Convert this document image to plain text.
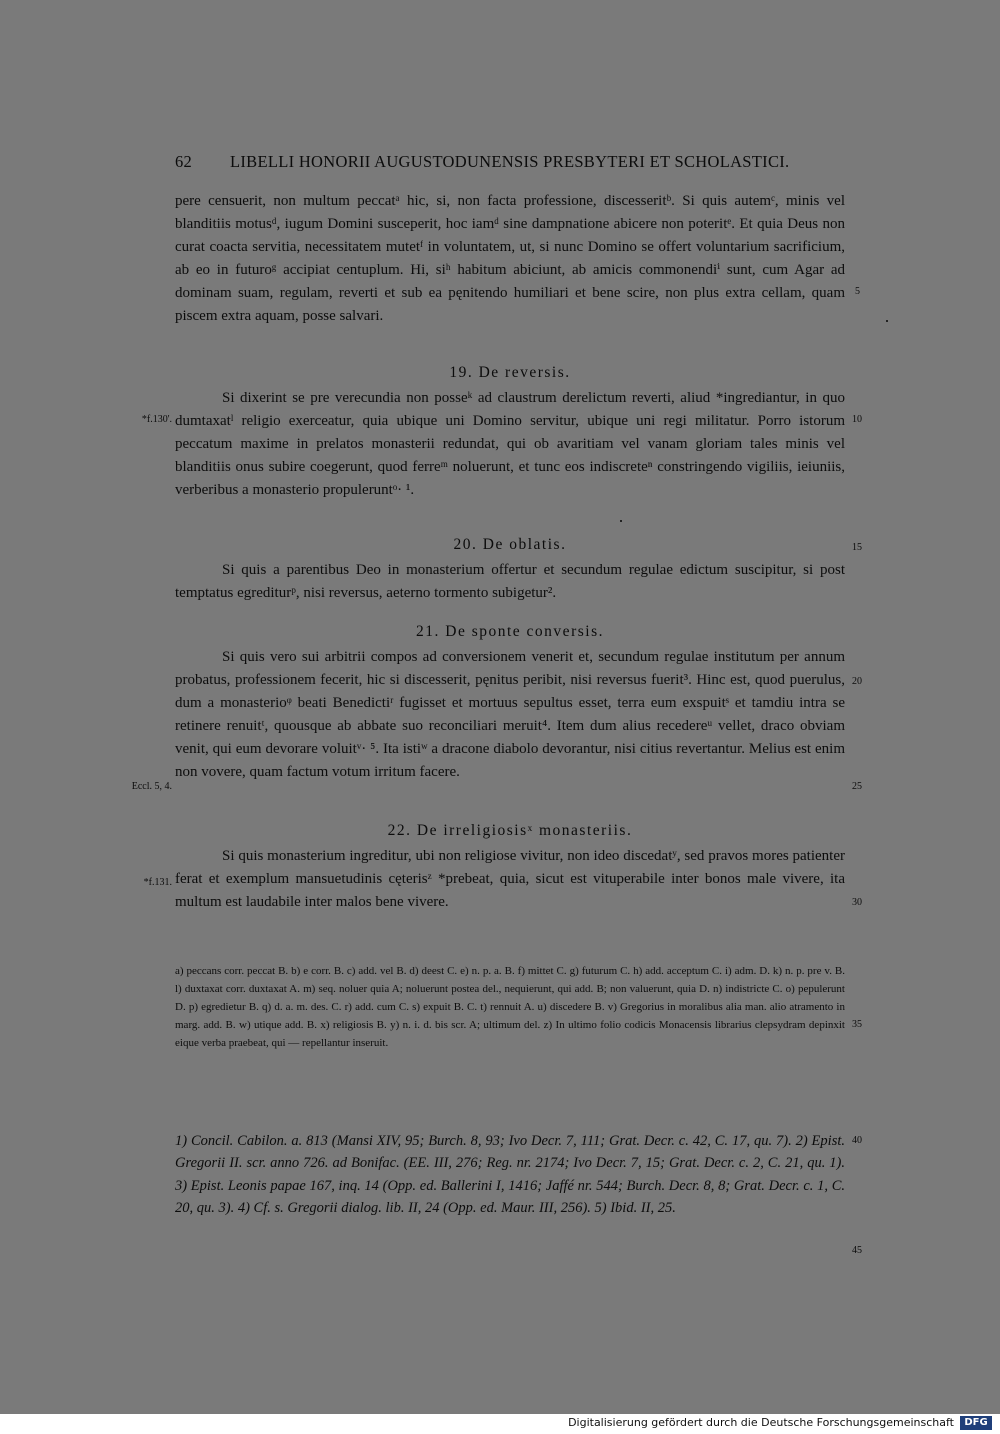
62 LIBELLI HONORII AUGUSTODUNENSIS PRESBYTERI ET SCHOLASTICI.

pere censuerit, non multum peccatᵃ hic, si, non facta professione, discesseritᵇ. Si quis autemᶜ, minis vel blanditiis motusᵈ, iugum Domini susceperit, hoc iamᵈ sine dampnatione abicere non poteritᵉ. Et quia Deus non curat coacta servitia, necessitatem mutetᶠ in voluntatem, ut, si nunc Domino se offert voluntarium sacrificium, ab eo in futuroᵍ accipiat centuplum. Hi, siʰ habitum abiciunt, ab amicis commonendiⁱ sunt, cum Agar ad dominam suam, regulam, reverti et sub ea pęnitendo humiliari et bene scire, non plus extra cellam, quam piscem extra aquam, posse salvari.

19. De reversis.

Si dixerint se pre verecundia non posseᵏ ad claustrum derelictum reverti, aliud *ingrediantur, in quo dumtaxatˡ religio exerceatur, quia ubique uni Domino servitur, ubique uni regi militatur. Porro istorum peccatum maxime in prelatos monasterii redundat, qui ob avaritiam vel vanam gloriam tales minis vel blanditiis onus subire coegerunt, quod ferreᵐ noluerunt, et tunc eos indiscreteⁿ constringendo vigiliis, ieiuniis, verberibus a monasterio propuleruntᵒ· ¹.

20. De oblatis.

Si quis a parentibus Deo in monasterium offertur et secundum regulae edictum suscipitur, si post temptatus egrediturᵖ, nisi reversus, aeterno tormento subigetur².

21. De sponte conversis.

Si quis vero sui arbitrii compos ad conversionem venerit et, secundum regulae institutum per annum probatus, professionem fecerit, hic si discesserit, pęnitus peribit, nisi reversus fuerit³. Hinc est, quod puerulus, dum a monasterioᵠ beati Benedictiʳ fugisset et mortuus sepultus esset, terra eum exspuitˢ et tamdiu intra se retinere renuitᵗ, quousque ab abbate suo reconciliari meruit⁴. Item dum alius recedereᵘ vellet, draco obviam venit, qui eum devorare voluitᵛ· ⁵. Ita istiʷ a dracone diabolo devorantur, nisi citius revertantur. Melius est enim non vovere, quam factum votum irritum facere.

22. De irreligiosisˣ monasteriis.

Si quis monasterium ingreditur, ubi non religiose vivitur, non ideo discedatʸ, sed pravos mores patienter ferat et exemplum mansuetudinis cęterisᶻ *prebeat, quia, sicut est vituperabile inter bonos male vivere, ita multum est laudabile inter malos bene vivere.

5
10
15
20
25
30
35
40
45
*f.130'.
Eccl. 5, 4.
*f.131.
a) peccans corr. peccat B. b) e corr. B. c) add. vel B. d) deest C. e) n. p. a. B. f) mittet C. g) futurum C. h) add. acceptum C. i) adm. D. k) n. p. pre v. B. l) duxtaxat corr. duxtaxat A. m) seq. noluer quia A; noluerunt postea del., nequierunt, qui add. B; non valuerunt, quia D. n) indistricte C. o) pepulerunt D. p) egredietur B. q) d. a. m. des. C. r) add. cum C. s) expuit B. C. t) rennuit A. u) discedere B. v) Gregorius in moralibus alia man. alio atramento in marg. add. B. w) utique add. B. x) religiosis B. y) n. i. d. bis scr. A; ultimum del. z) In ultimo folio codicis Monacensis librarius clepsydram depinxit eique verba praebeat, qui — repellantur inseruit.
1) Concil. Cabilon. a. 813 (Mansi XIV, 95; Burch. 8, 93; Ivo Decr. 7, 111; Grat. Decr. c. 42, C. 17, qu. 7). 2) Epist. Gregorii II. scr. anno 726. ad Bonifac. (EE. III, 276; Reg. nr. 2174; Ivo Decr. 7, 15; Grat. Decr. c. 2, C. 21, qu. 1). 3) Epist. Leonis papae 167, inq. 14 (Opp. ed. Ballerini I, 1416; Jaffé nr. 544; Burch. Decr. 8, 8; Grat. Decr. c. 1, C. 20, qu. 3). 4) Cf. s. Gregorii dialog. lib. II, 24 (Opp. ed. Maur. III, 256). 5) Ibid. II, 25.
Digitalisierung gefördert durch die Deutsche Forschungsgemeinschaft	DFG
